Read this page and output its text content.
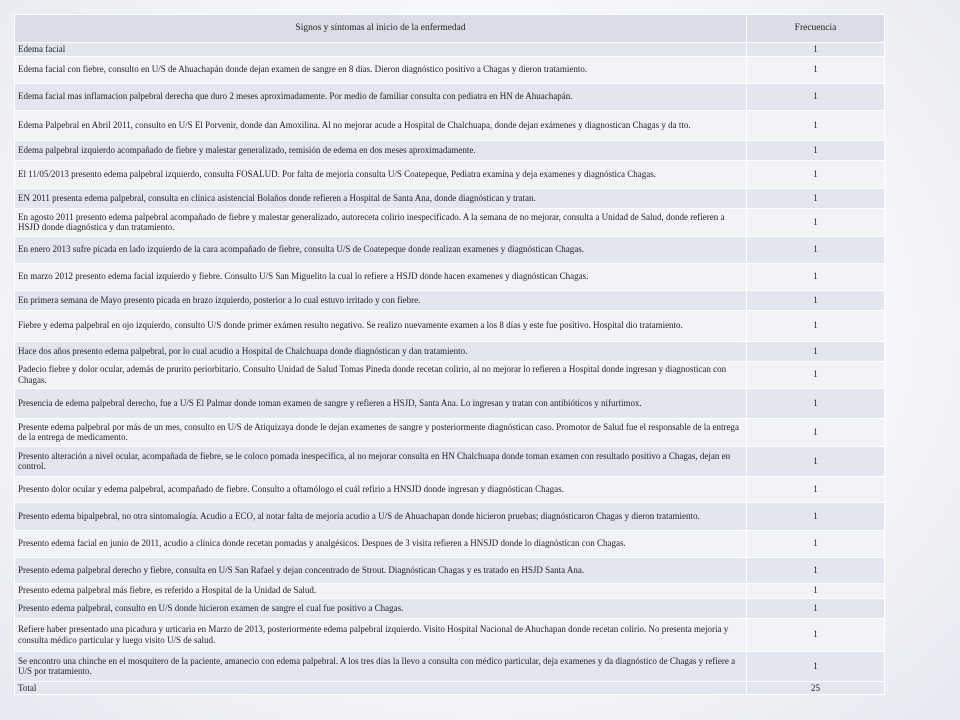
Signos y síntomas al inicio de la enfermedad	Frecuencia
Edema facial	1
Edema facial con fiebre, consulto en U/S de Ahuachapán donde dejan examen de sangre en 8 días. Dieron diagnóstico positivo a Chagas y dieron tratamiento.	1
Edema facial mas inflamacion palpebral derecha que duro 2 meses aproximadamente. Por medio de familiar consulta con pediatra en HN de Ahuachapán.	1
Edema Palpebral en Abril 2011, consulto en U/S El Porvenir, donde dan Amoxilina. Al no mejorar acude a Hospital de Chalchuapa, donde dejan exámenes y diagnostican Chagas y da tto.	1
Edema palpebral izquierdo acompañado de fiebre y malestar generalizado, remisión de edema en dos meses aproximadamente.	1
El 11/05/2013 presento edema palpebral izquierdo, consulta FOSALUD. Por falta de mejoría consulta U/S Coatepeque, Pediatra examina y deja examenes y diagnóstica Chagas.	1
EN 2011 presenta edema palpebral, consulta en clínica asistencial Bolaños donde refieren a Hospital de Santa Ana, donde diagnóstican y tratan.	1
En agosto 2011 presento edema palpebral acompañado de fiebre y malestar generalizado, autoreceta colirio inespecificado. A la semana de no mejorar, consulta a Unidad de Salud, donde refieren a HSJD donde diagnóstica y dan tratamiento.	1
En enero 2013 sufre picada en lado izquierdo de la cara acompañado de fiebre, consulta U/S de Coatepeque donde realizan examenes y diagnóstican Chagas.	1
En marzo 2012 presento edema facial izquierdo y fiebre. Consulto U/S San Miguelito la cual lo refiere a HSJD donde hacen examenes y diagnóstican Chagas.	1
En primera semana de Mayo presento picada en brazo izquierdo, posterior a lo cual estuvo irritado y con fiebre.	1
Fiebre y edema palpebral en ojo izquierdo, consulto U/S donde primer exámen resulto negativo. Se realizo nuevamente examen a los 8 días y este fue positivo. Hospital dio tratamiento.	1
Hace dos años presento edema palpebral, por lo cual acudio a Hospital de Chalchuapa donde diagnóstican y dan tratamiento.	1
Padecio fiebre y dolor ocular, además de prurito periorbitario. Consulto Unidad de Salud Tomas Pineda donde recetan colirio, al no mejorar lo refieren a Hospital donde ingresan y diagnostican con Chagas.	1
Presencia de edema palpebral derecho, fue a U/S El Palmar donde toman examen de sangre y refieren a HSJD, Santa Ana. Lo ingresan y tratan con antibióticos y nifurtimox.	1
Presente edema palpebral por más de un mes, consulto en U/S de Atiquizaya donde le dejan examenes de sangre y posteriormente diagnóstican caso. Promotor de Salud fue el responsable de la entrega de la entrega de medicamento.	1
Presento alteración a nivel ocular, acompañada de fiebre, se le coloco pomada inespecifica, al no mejorar consulta en HN Chalchuapa donde toman examen con resultado positivo a Chagas, dejan en control.	1
Presento dolor ocular y edema palpebral, acompañado de fiebre. Consulto a oftamólogo el cuál refirio a HNSJD donde ingresan y diagnóstican Chagas.	1
Presento edema bipalpebral, no otra sintomalogía. Acudio a ECO, al notar falta de mejoría acudio a U/S de Ahuachapan donde hicieron pruebas; diagnósticaron Chagas y dieron tratamiento.	1
Presento edema facial en junio de 2011, acudio a clínica donde recetan pomadas y analgésicos. Despues de 3 visita refieren a HNSJD donde lo diagnóstican con Chagas.	1
Presento edema palpebral derecho y fiebre, consulta en U/S San Rafael y dejan concentrado de Strout. Diagnóstican Chagas y es tratado en HSJD Santa Ana.	1
Presento edema palpebral más fiebre, es referido a Hospital de la Unidad de Salud.	1
Presento edema palpebral, consulto en U/S donde hicieron examen de sangre el cual fue positivo a Chagas.	1
Refiere haber presentado una picadura y urticaria en Marzo de 2013, posteriormente edema palpebral izquierdo. Visito Hospital Nacional de Ahuchapan donde recetan colirio. No presenta mejoria y consulta médico particular y luego visito U/S de salud.	1
Se encontro una chinche en el mosquitero de la paciente, amanecio con edema palpebral. A los tres días la llevo a consulta con médico particular, deja examenes y da diagnóstico de Chagas y refiere a U/S por tratamiento.	1
Total	25
